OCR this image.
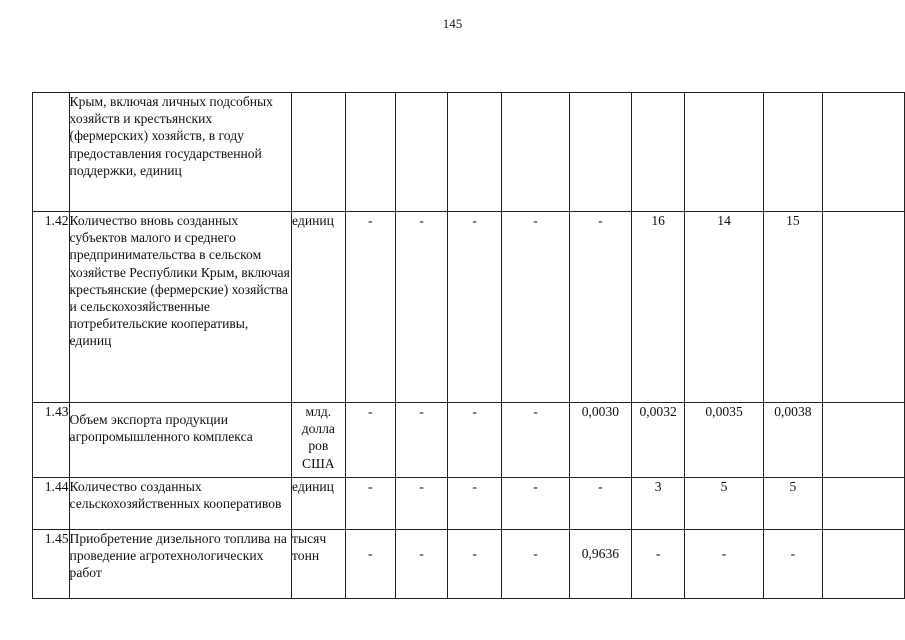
145
	Крым, включая личных подсобных хозяйств и крестьянских (фермерских) хозяйств, в году предоставления государственной поддержки, единиц										
1.42	Количество вновь созданных субъектов малого и среднего предпринимательства в сельском хозяйстве Республики Крым, включая крестьянские (фермерские) хозяйства и сельскохозяйственные потребительские кооперативы, единиц	единиц	-	-	-	-	-	16	14	15	
1.43	Объем экспорта продукции агропромышленного комплекса	млд. долла ров США	-	-	-	-	0,0030	0,0032	0,0035	0,0038	
1.44	Количество созданных сельскохозяйственных кооперативов	единиц	-	-	-	-	-	3	5	5	
1.45	Приобретение дизельного топлива на проведение агротехнологических работ	тысяч тонн	-	-	-	-	0,9636	-	-	-	
